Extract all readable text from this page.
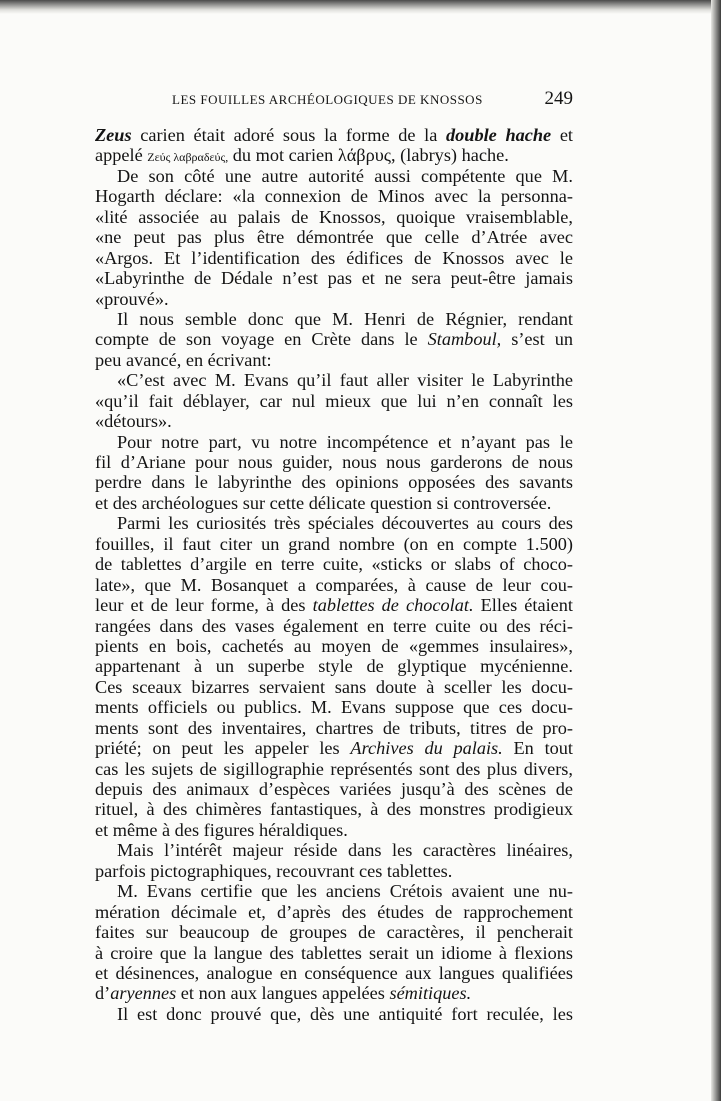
LES FOUILLES ARCHÉOLOGIQUES DE KNOSSOS	249
Zeus carien était adoré sous la forme de la double hache et
appelé Ζεύς λαβραδεύς, du mot carien λάβρυς, (labrys) hache.
De son côté une autre autorité aussi compétente que M.
Hogarth déclare: «la connexion de Minos avec la personna-
«lité associée au palais de Knossos, quoique vraisemblable,
«ne peut pas plus être démontrée que celle d’Atrée avec
«Argos. Et l’identification des édifices de Knossos avec le
«Labyrinthe de Dédale n’est pas et ne sera peut-être jamais
«prouvé».
Il nous semble donc que M. Henri de Régnier, rendant
compte de son voyage en Crète dans le Stamboul, s’est un
peu avancé, en écrivant:
«C’est avec M. Evans qu’il faut aller visiter le Labyrinthe
«qu’il fait déblayer, car nul mieux que lui n’en connaît les
«détours».
Pour notre part, vu notre incompétence et n’ayant pas le
fil d’Ariane pour nous guider, nous nous garderons de nous
perdre dans le labyrinthe des opinions opposées des savants
et des archéologues sur cette délicate question si controversée.
Parmi les curiosités très spéciales découvertes au cours des
fouilles, il faut citer un grand nombre (on en compte 1.500)
de tablettes d’argile en terre cuite, «sticks or slabs of choco-
late», que M. Bosanquet a comparées, à cause de leur cou-
leur et de leur forme, à des tablettes de chocolat. Elles étaient
rangées dans des vases également en terre cuite ou des réci-
pients en bois, cachetés au moyen de «gemmes insulaires»,
appartenant à un superbe style de glyptique mycénienne.
Ces sceaux bizarres servaient sans doute à sceller les docu-
ments officiels ou publics. M. Evans suppose que ces docu-
ments sont des inventaires, chartres de tributs, titres de pro-
priété; on peut les appeler les Archives du palais. En tout
cas les sujets de sigillographie représentés sont des plus divers,
depuis des animaux d’espèces variées jusqu’à des scènes de
rituel, à des chimères fantastiques, à des monstres prodigieux
et même à des figures héraldiques.
Mais l’intérêt majeur réside dans les caractères linéaires,
parfois pictographiques, recouvrant ces tablettes.
M. Evans certifie que les anciens Crétois avaient une nu-
mération décimale et, d’après des études de rapprochement
faites sur beaucoup de groupes de caractères, il pencherait
à croire que la langue des tablettes serait un idiome à flexions
et désinences, analogue en conséquence aux langues qualifiées
d’aryennes et non aux langues appelées sémitiques.
Il est donc prouvé que, dès une antiquité fort reculée, les
